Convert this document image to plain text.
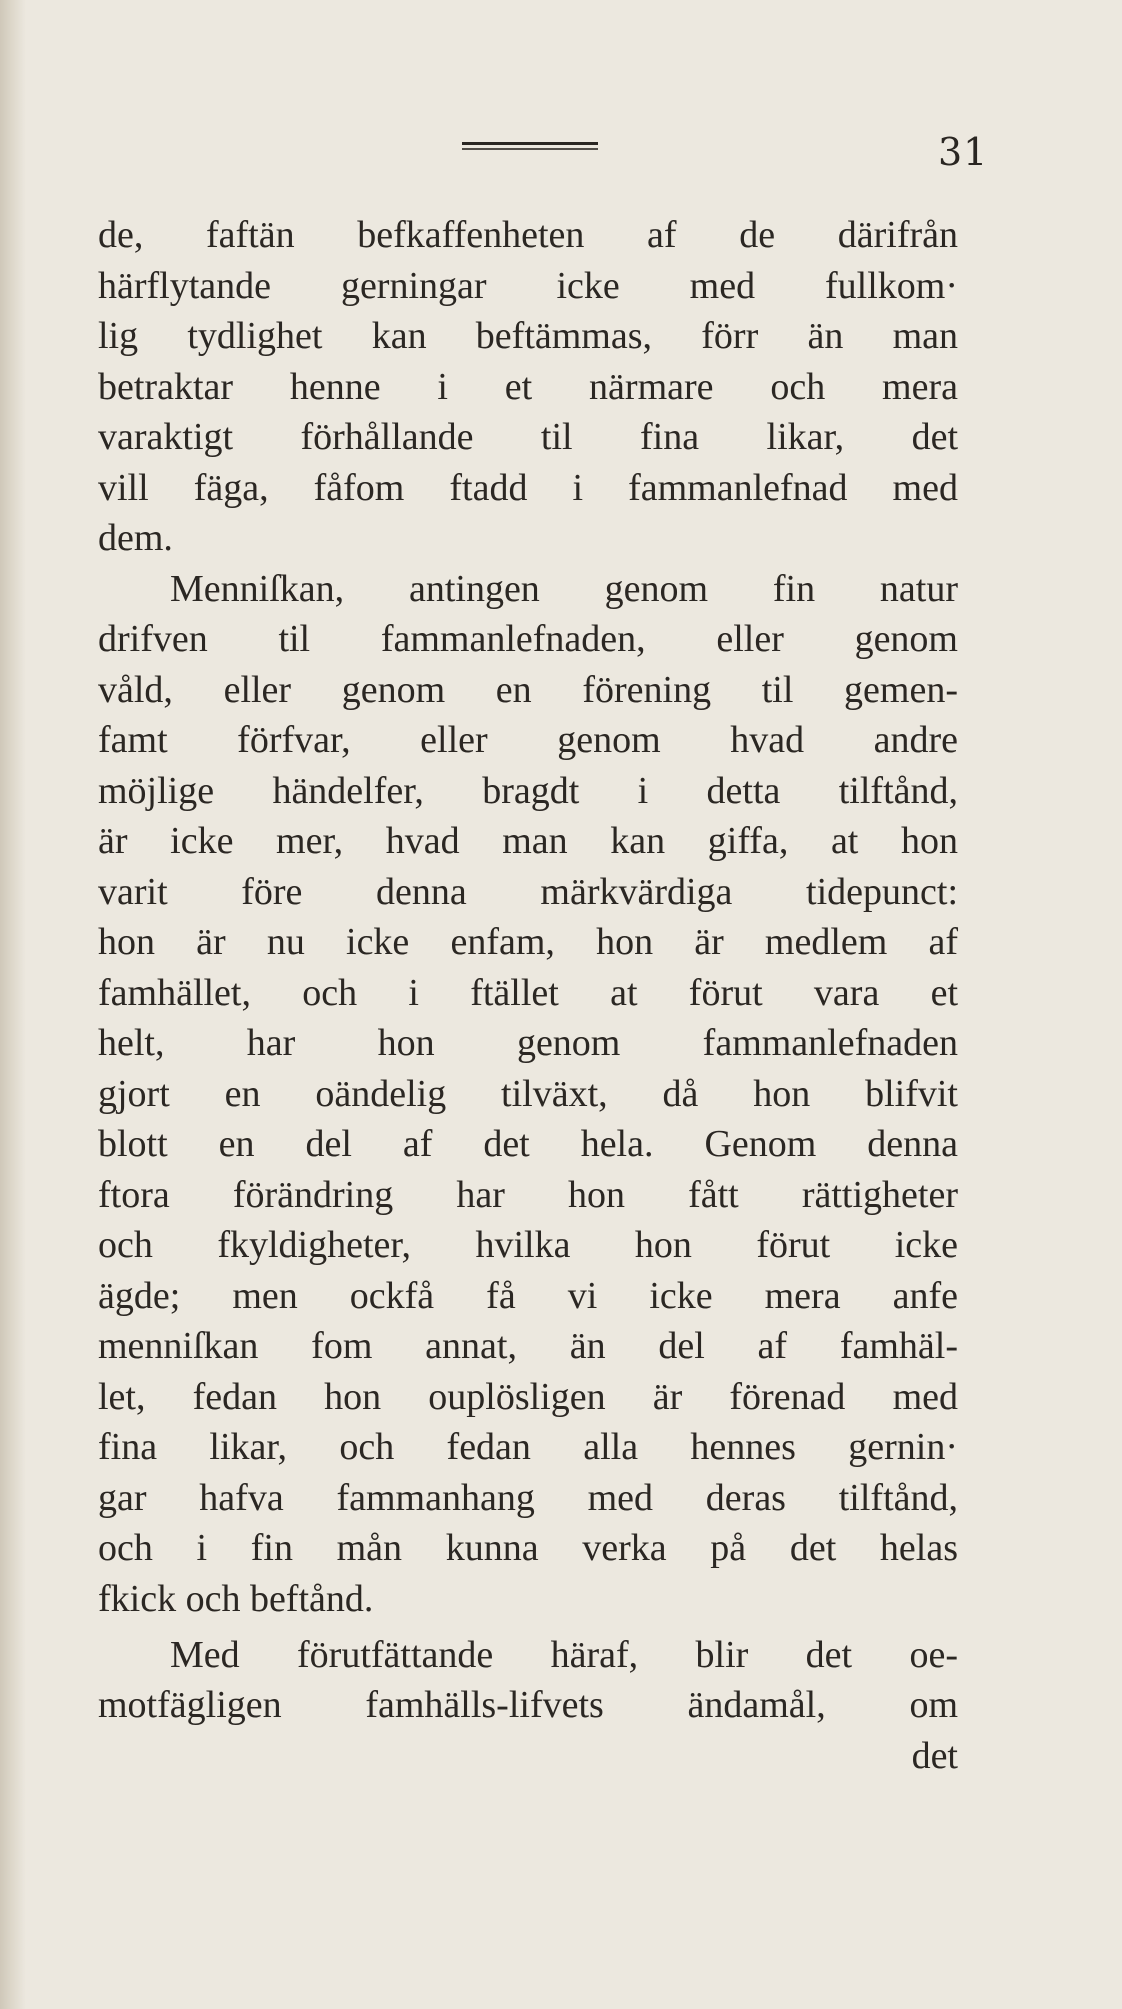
31
de, faftän befkaffenheten af de därifrån
härflytande gerningar icke med fullkom·
lig tydlighet kan beftämmas, förr än man
betraktar henne i et närmare och mera
varaktigt förhållande til fina likar, det
vill fäga, fåfom ftadd i fammanlefnad med
dem.
Menniſkan, antingen genom fin natur
drifven til fammanlefnaden, eller genom
våld, eller genom en förening til gemen-
famt förfvar, eller genom hvad andre
möjlige händelfer, bragdt i detta tilftånd,
är icke mer, hvad man kan giffa, at hon
varit före denna märkvärdiga tidepunct:
hon är nu icke enfam, hon är medlem af
famhället, och i ftället at förut vara et
helt, har hon genom fammanlefnaden
gjort en oändelig tilväxt, då hon blifvit
blott en del af det hela. Genom denna
ftora förändring har hon fått rättigheter
och fkyldigheter, hvilka hon förut icke
ägde; men ockfå få vi icke mera anfe
menniſkan fom annat, än del af famhäl-
let, fedan hon ouplösligen är förenad med
fina likar, och fedan alla hennes gernin·
gar hafva fammanhang med deras tilftånd,
och i fin mån kunna verka på det helas
fkick och beftånd.
Med förutfättande häraf, blir det oe-
motfägligen famhälls-lifvets ändamål, om
det
